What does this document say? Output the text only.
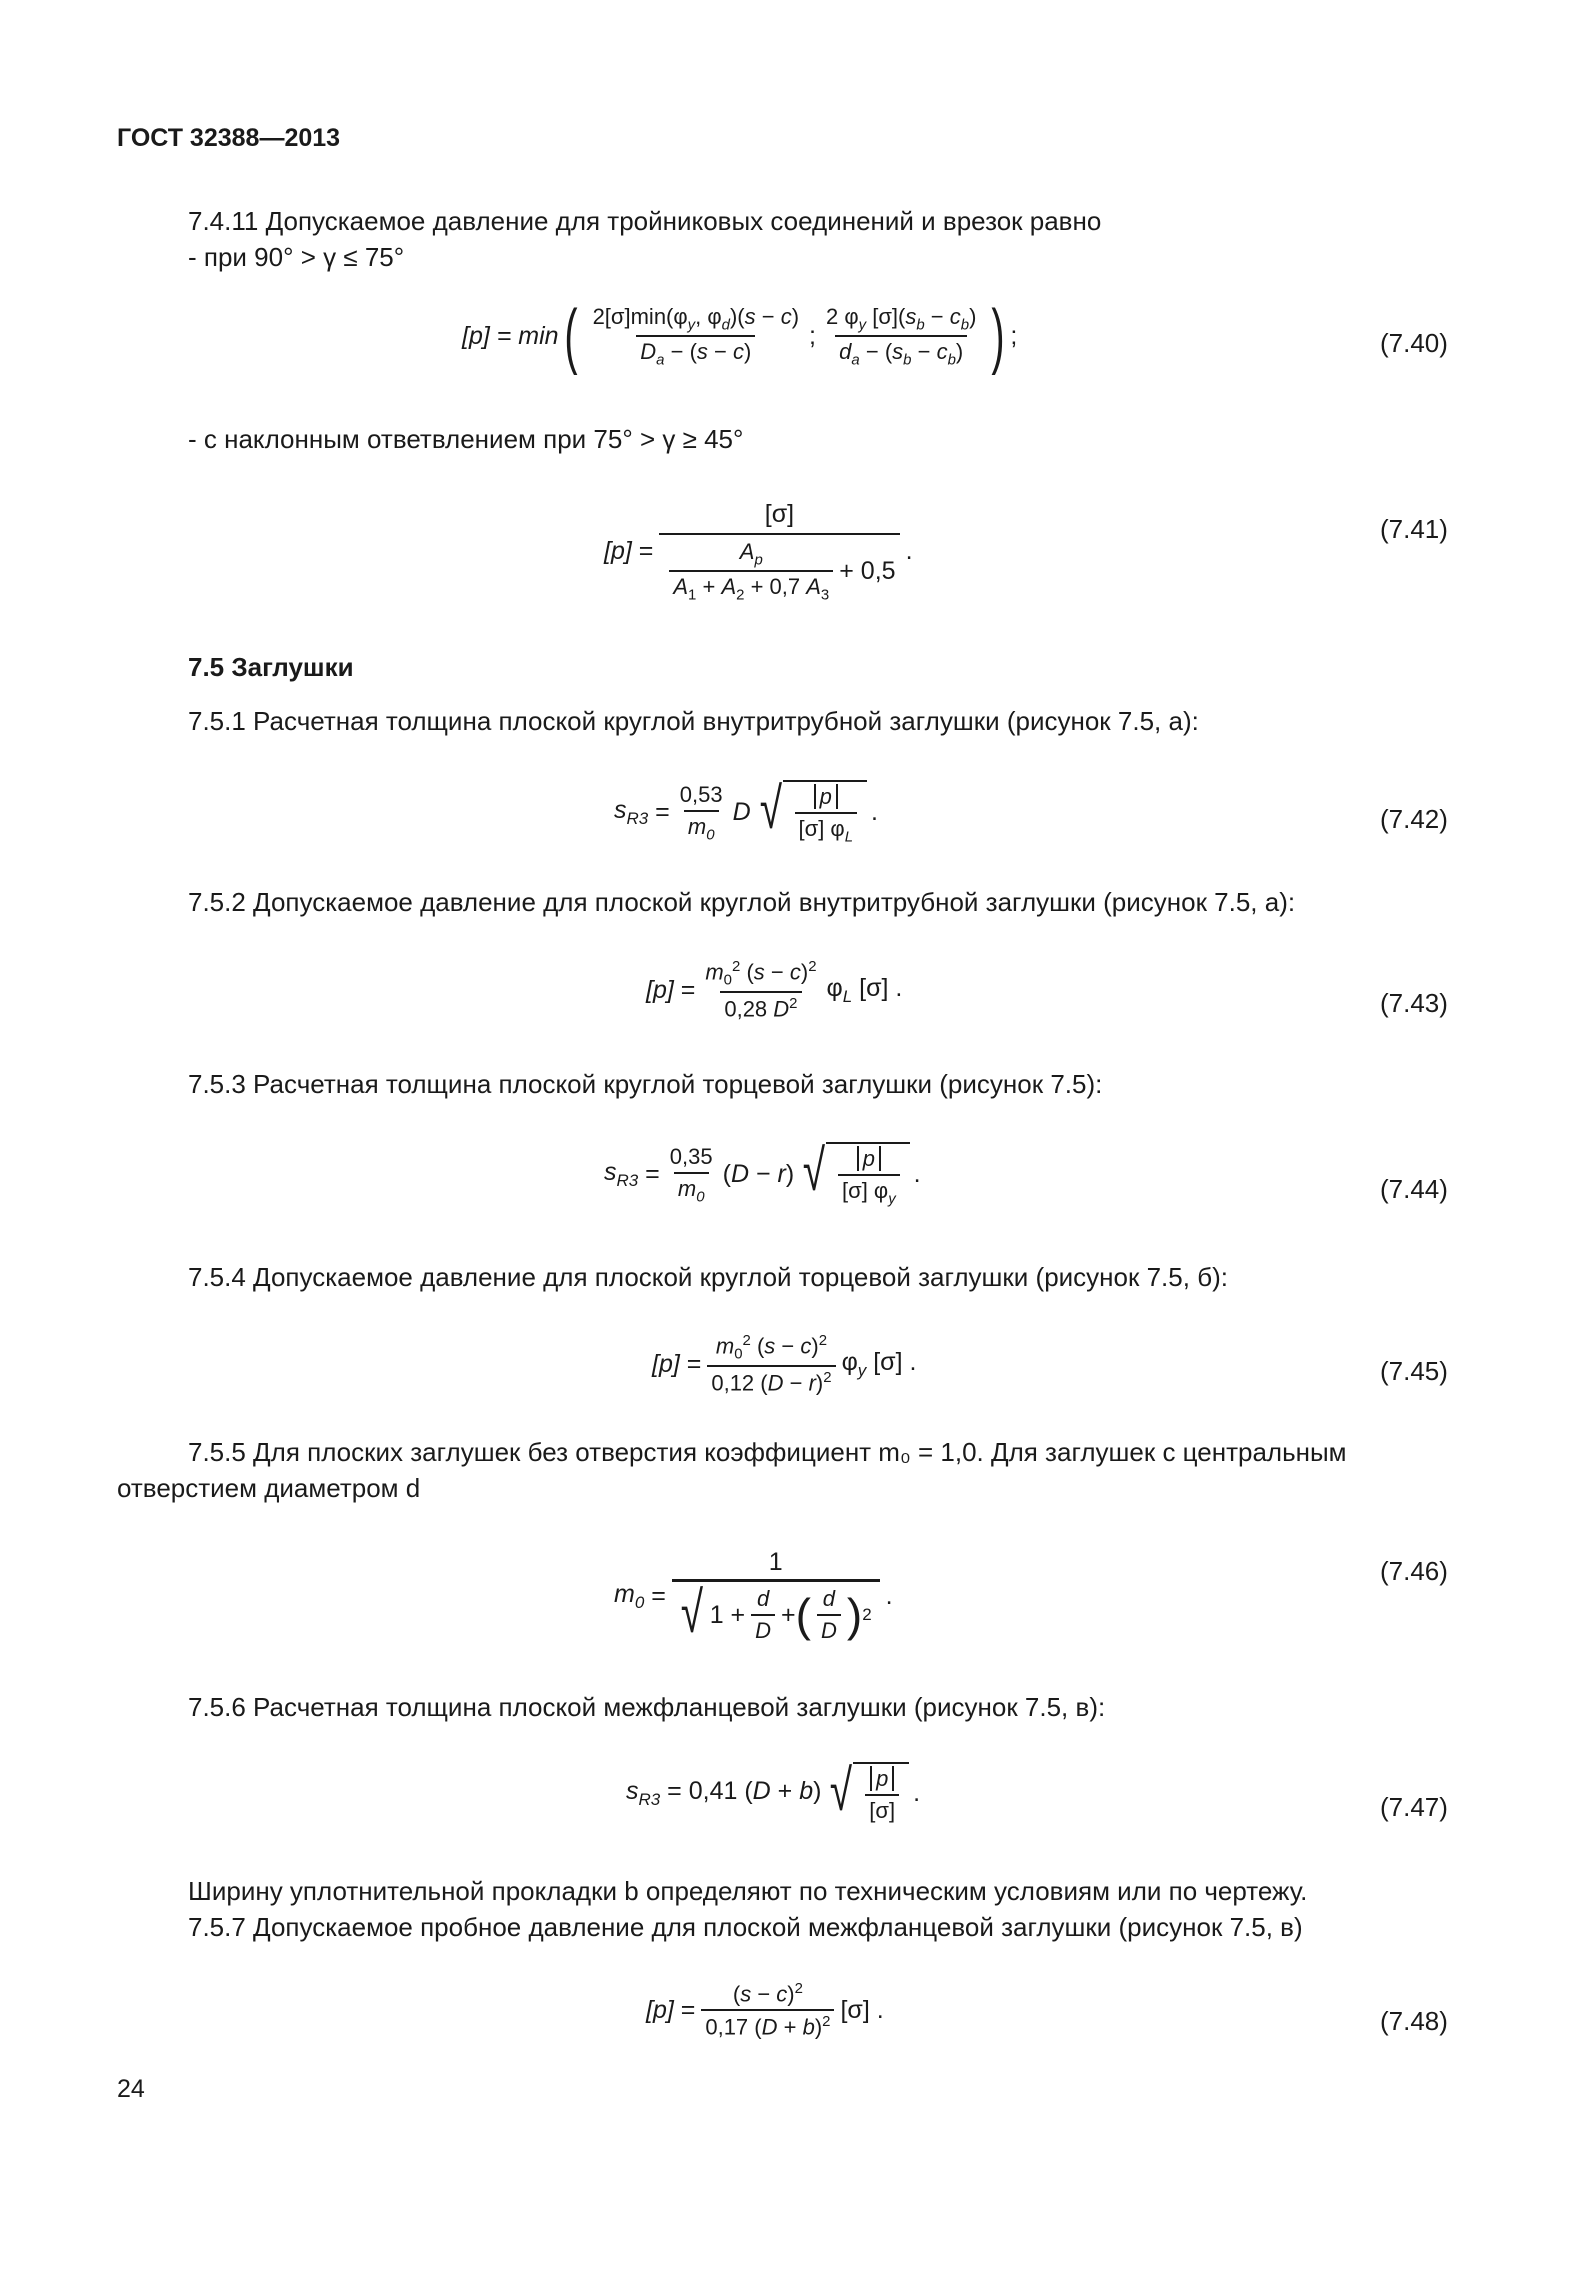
ГОСТ 32388—2013
7.4.11 Допускаемое давление для тройниковых соединений и врезок равно
- при 90° > γ ≤ 75°
[p] = min ( $\frac{2[\sigma]\min(\varphi_y, \varphi_d)(s - c)}{D_a - (s - c)}$ ; $\frac{2 \varphi_y [\sigma](s_b - c_b)}{d_a - (s_b - c_b)}$ ) ;	(7.40)
- с наклонным ответвлением при 75° > γ ≥ 45°
$[p] = \frac{[\sigma]}{\frac{A_p}{A_1 + A_2 + 0,7 A_3} + 0,5}$ .
(7.41)
7.5 Заглушки
7.5.1 Расчетная толщина плоской круглой внутритрубной заглушки (рисунок 7.5, а):
$s_{R3} = \frac{0,53}{m_0}$ D √ $\frac{p}{[\sigma] \varphi_L}$ .	(7.42)
7.5.2 Допускаемое давление для плоской круглой внутритрубной заглушки (рисунок 7.5, а):
$[p] = \frac{m_0^2 (s - c)^2}{0,28 D^2} \varphi_L$ [σ] .
(7.43)
7.5.3 Расчетная толщина плоской круглой торцевой заглушки (рисунок 7.5):
$s_{R3} = \frac{0,35}{m_0} (D - r)$ √ $\frac{p}{[\sigma] \varphi_y}$ .	(7.44)
7.5.4 Допускаемое давление для плоской круглой торцевой заглушки (рисунок 7.5, б):
$[p] = \frac{m_0^2 (s - c)^2}{0,12 (D - r)^2} \varphi_y$ [σ] .	(7.45)
7.5.5 Для плоских заглушек без отверстия коэффициент m₀ = 1,0. Для заглушек с центральным отверстием диаметром d
$m_0$ =
1
√ $1 + \frac{d}{D}$ + ( $\frac{d}{D}$ ) 2
.
(7.46)
7.5.6 Расчетная толщина плоской межфланцевой заглушки (рисунок 7.5, в):
$s_{R3} = 0,41$ (D + b) √ $\frac{p}{[\sigma]}$ .	(7.47)
Ширину уплотнительной прокладки b определяют по техническим условиям или по чертежу.
7.5.7 Допускаемое пробное давление для плоской межфланцевой заглушки (рисунок 7.5, в)
$[p] = \frac{(s - c)^2}{0,17 (D + b)^2} [\sigma]$ .	(7.48)
24
